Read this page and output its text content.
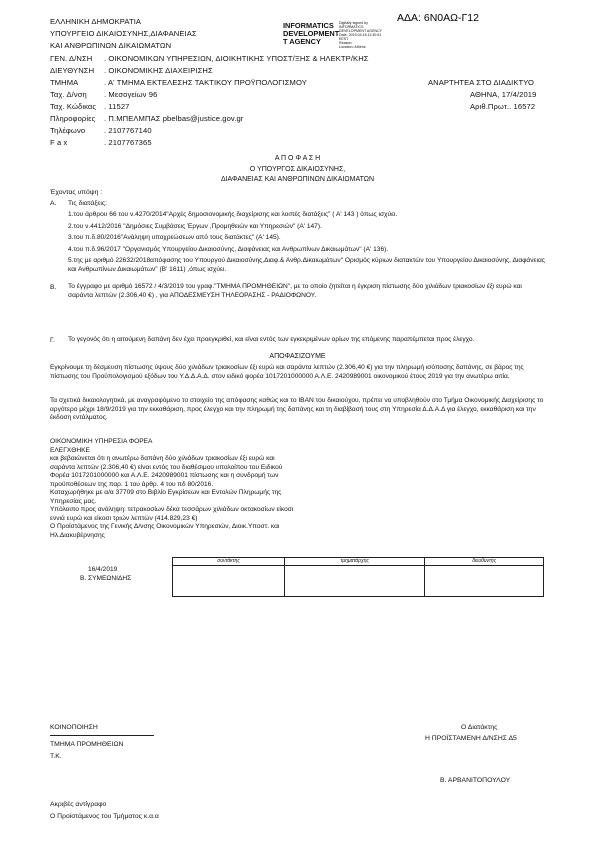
ΑΔΑ: 6Ν0ΑΩ-Γ12
ΕΛΛΗΝΙΚΗ ΔΗΜΟΚΡΑΤΙΑ
ΥΠΟΥΡΓΕΙΟ ΔΙΚΑΙΟΣΥΝΗΣ,ΔΙΑΦΑΝΕΙΑΣ
ΚΑΙ ΑΝΘΡΩΠΙΝΩΝ ΔΙΚΑΙΩΜΑΤΩΝ
INFORMATICS
DEVELOPMENT
T AGENCY
Digitally signed by
INFORMATICS
DEVELOPMENT AGENCY
Date: 2019.04.18 11:30:51
EEST
Reason:
Location: Athens
ΓΕΝ. Δ/ΝΣΗ . ΟΙΚΟΝΟΜΙΚΩΝ ΥΠΗΡΕΣΙΩΝ, ΔΙΟΙΚΗΤΙΚΗΣ ΥΠΟΣΤ/ΞΗΣ & ΗΛΕΚΤΡ/ΚΗΣ
ΔΙΕΥΘΥΝΣΗ . ΟΙΚΟΝΟΜΙΚΗΣ ΔΙΑΧΕΙΡΙΣΗΣ
ΤΜΗΜΑ	. Α' ΤΜΗΜΑ ΕΚΤΕΛΕΣΗΣ ΤΑΚΤΙΚΟΥ ΠΡΟΫΠΟΛΟΓΙΣΜΟΥ
Ταχ. Δ/νση . Μεσογείων 96
Ταχ. Κώδικας . 11527
Πληροφορίες . Π.ΜΠΕΛΜΠΑΣ pbelbas@justice.gov.gr
Τηλέφωνο . 2107767140
F a x	. 2107767365
ΑΝΑΡΤΗΤΕΑ ΣΤΟ ΔΙΑΔΙΚΤΥΟ
ΑΘΗΝΑ, 17/4/2019
Αριθ.Πρωτ.. 16572
Α Π Ο Φ Α Σ Η
Ο ΥΠΟΥΡΓΟΣ ΔΙΚΑΙΟΣΥΝΗΣ,
ΔΙΑΦΑΝΕΙΑΣ ΚΑΙ ΑΝΘΡΩΠΙΝΩΝ ΔΙΚΑΙΩΜΑΤΩΝ
Έχοντας υπόψη :
Α. Τις διατάξεις:

1.του άρθρου 66 του ν.4270/2014"Αρχές δημοσιονομικής διαχείρισης και λοιπές διατάξεις" ( Α' 143 ) όπως ισχύει.

2.του ν.4412/2016 "Δημόσιες Συμβάσεις Έργων ,Προμηθειών και Υπηρεσιών" (Α' 147).

3.του π.δ.80/2016"Ανάληψη υποχρεώσεων από τους διατάκτες" (Α' 145).

4.του π.δ.96/2017 "Οργανισμός Υπουργείου Δικαιοσύνης, Διαφάνειας και Ανθρωπίνων Δικαιωμάτων" (Α' 136).

5.της με αριθμό 22632/2018απόφασης του Υπουργού Δικαιοσύνης,Διαφ.& Ανθρ.Δικαιωμάτων" Ορισμός κύριων διατακτών του Υπουργείου Δικαιοσύνης, Διαφάνειας και Ανθρωπίνων Δικαιωμάτων" (Β' 1611) ,όπως ισχύει.

Β. Το έγγραφο με αριθμό 16572 / 4/3/2019 του γραφ."ΤΜΗΜΑ ΠΡΟΜΗΘΕΙΩΝ", με το οποίο ζητείται η έγκριση πίστωσης δύο χιλιάδων τριακοσίων έξι ευρώ και σαράντα λεπτών (2.306,40 €) , για ΑΠΟΔΕΣΜΕΥΣΗ ΤΗΛΕΟΡΑΣΗΣ - ΡΑΔΙΟΦΩΝΟΥ.
Γ. Το γεγονός ότι η αιτούμενη δαπάνη δεν έχει προεγκριθεί, και είναι εντός των εγκεκριμένων ορίων της επόμενης παραπέμπεται προς έλεγχο.
ΑΠΟΦΑΣΙΖΟΥΜΕ
Εγκρίνουμε τη δέσμευση πίστωσης ύψους δύο χιλιάδων τριακοσίων έξι ευρώ και σαράντα λεπτών (2.306,40 €) για την πληρωμή ισόποσης δαπάνης, σε βάρος της πίστωσης του Προϋπολογισμού εξόδων του Υ.Δ.Δ.Α.Δ. στον ειδικό φορέα 1017201000000 Α.Λ.Ε. 2420989001 οικονομικού έτους 2019 για την ανωτέρω αιτία.
Τα σχετικά δικαιολογητικά, με αναγραφόμενο το στοιχείο της απόφασης καθώς και το IBAN του δικαιούχου, πρέπει να υποβληθούν στο Τμήμα Οικονομικής Διαχείρισης το αργότερο μέχρι 18/9/2019 για την εκκαθάριση, προς έλεγχο και την πληρωμή της δαπάνης και τη διαβίβασή τους στη Υπηρεσία Δ.Δ.Α.Δ για έλεγχο, εκκαθάριση και την έκδοση εντάλματος.

ΟΙΚΟΝΟΜΙΚΗ ΥΠΗΡΕΣΙΑ ΦΟΡΕΑ

ΕΛΕΓΧΘΗΚΕ

και βεβαιώνεται ότι η ανωτέρω δαπάνη δύο χιλιάδων τριακοσίων έξι ευρώ και

σαράντα λεπτών (2.306,40 €) είναι εντός του διαθέσιμου υπολοίπου του Ειδικού

Φορέα 1017201000000 και Α.Λ.Ε. 2420989001 πίστωσης και η συνδρομή των

προϋποθέσεων της παρ. 1 του άρθρ. 4 του πδ 80/2016.

Καταχωρήθηκε με α/α 37709 στο Βιβλίο Εγκρίσεων και Εντολών Πληρωμής της

Υπηρεσίας μας.

Υπόλοιπο προς ανάληψη: τετρακοσίων δέκα τεσσάρων χιλιάδων οκτακοσίων είκοσι

εννιά ευρώ και είκοσι τριών λεπτών (414.829,23 €)

Ο Προϊστάμενος της Γενικής Δ/νσης Οικονομικών Υπηρεσιών, Διοικ.Υποστ. και

Ηλ.Διακυβέρνησης

16/4/2019
Β. ΣΥΜΕΩΝΙΔΗΣ
συντάκτης	τμηματάρχης	διευθυντής

ΚΟΙΝΟΠΟΙΗΣΗ
ΤΜΗΜΑ ΠΡΟΜΗΘΕΙΩΝ
Τ.Κ.
Ο Διατάκτης
Η ΠΡΟΪΣΤΑΜΕΝΗ Δ/ΝΣΗΣ Δ5
Β. ΑΡΒΑΝΙΤΟΠΟΥΛΟΥ
Ακριβές αντίγραφο
Ο Προϊστάμενος του Τμήματος κ.α.α
